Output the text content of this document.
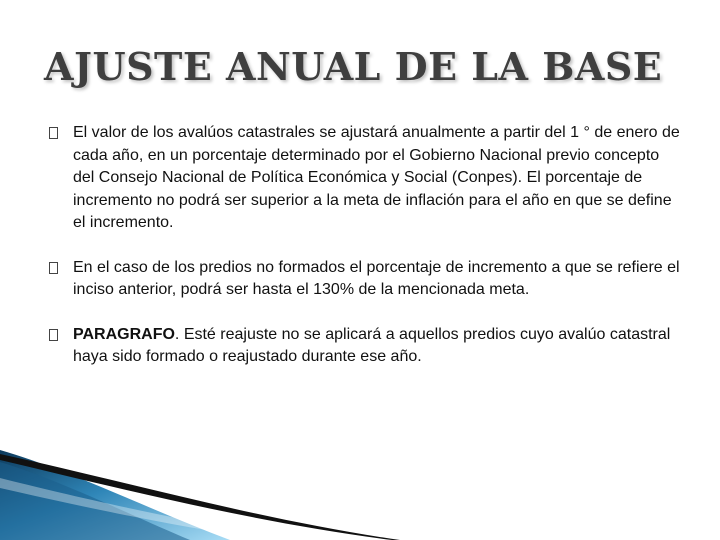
AJUSTE ANUAL DE LA BASE
El valor de los avalúos catastrales se ajustará anualmente a partir del 1 ° de enero de cada año, en un porcentaje determinado por el Gobierno Nacional previo concepto del Consejo Nacional de Política Económica y Social (Conpes). El porcentaje de incremento no podrá ser superior a la meta de inflación para el año en que se define el incremento.
En el caso de los predios no formados el porcentaje de incremento a que se refiere el inciso anterior, podrá ser hasta el 130% de la mencionada meta.
PARAGRAFO. Esté reajuste no se aplicará a aquellos predios cuyo avalúo catastral haya sido formado o reajustado durante ese año.
